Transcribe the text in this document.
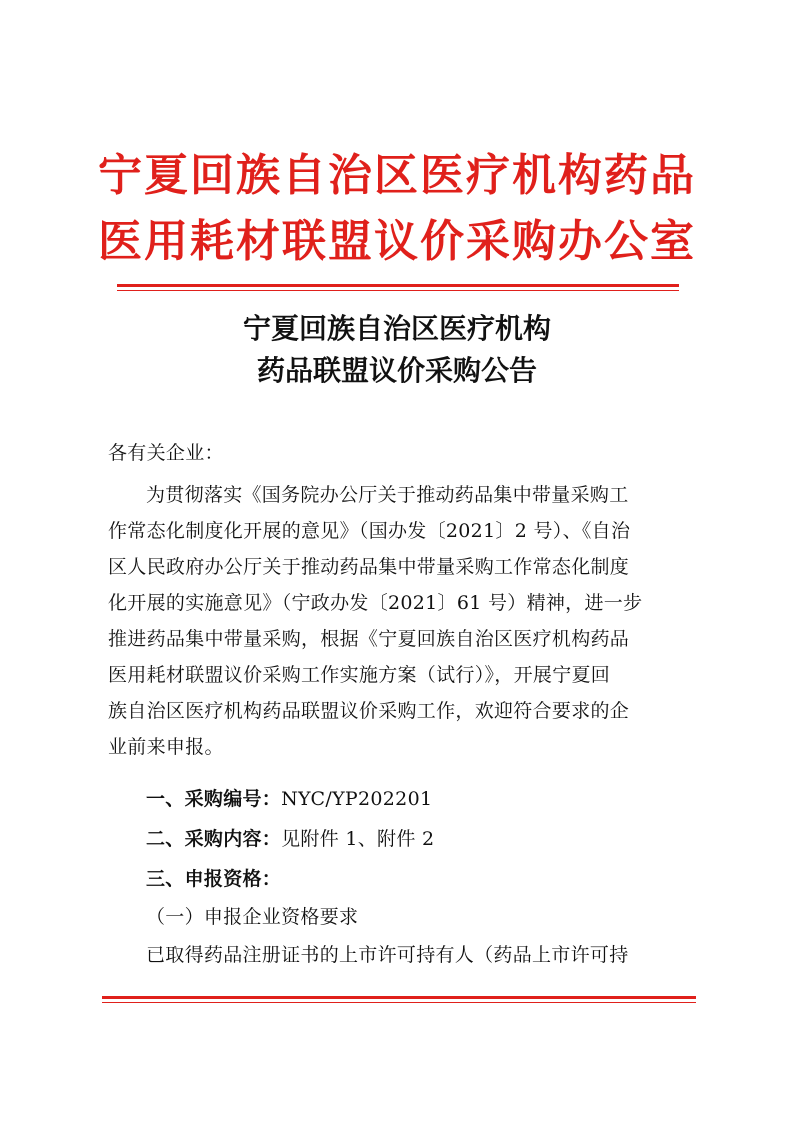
宁夏回族自治区医疗机构药品
医用耗材联盟议价采购办公室
宁夏回族自治区医疗机构
药品联盟议价采购公告
各有关企业：
为贯彻落实《国务院办公厅关于推动药品集中带量采购工
作常态化制度化开展的意见》（国办发〔2021〕2 号）、《自治
区人民政府办公厅关于推动药品集中带量采购工作常态化制度
化开展的实施意见》（宁政办发〔2021〕61 号）精神，进一步
推进药品集中带量采购，根据《宁夏回族自治区医疗机构药品
医用耗材联盟议价采购工作实施方案（试行）》，开展宁夏回
族自治区医疗机构药品联盟议价采购工作，欢迎符合要求的企
业前来申报。
一、采购编号：NYC/YP202201
二、采购内容：见附件 1、附件 2
三、申报资格：
（一）申报企业资格要求
已取得药品注册证书的上市许可持有人（药品上市许可持
